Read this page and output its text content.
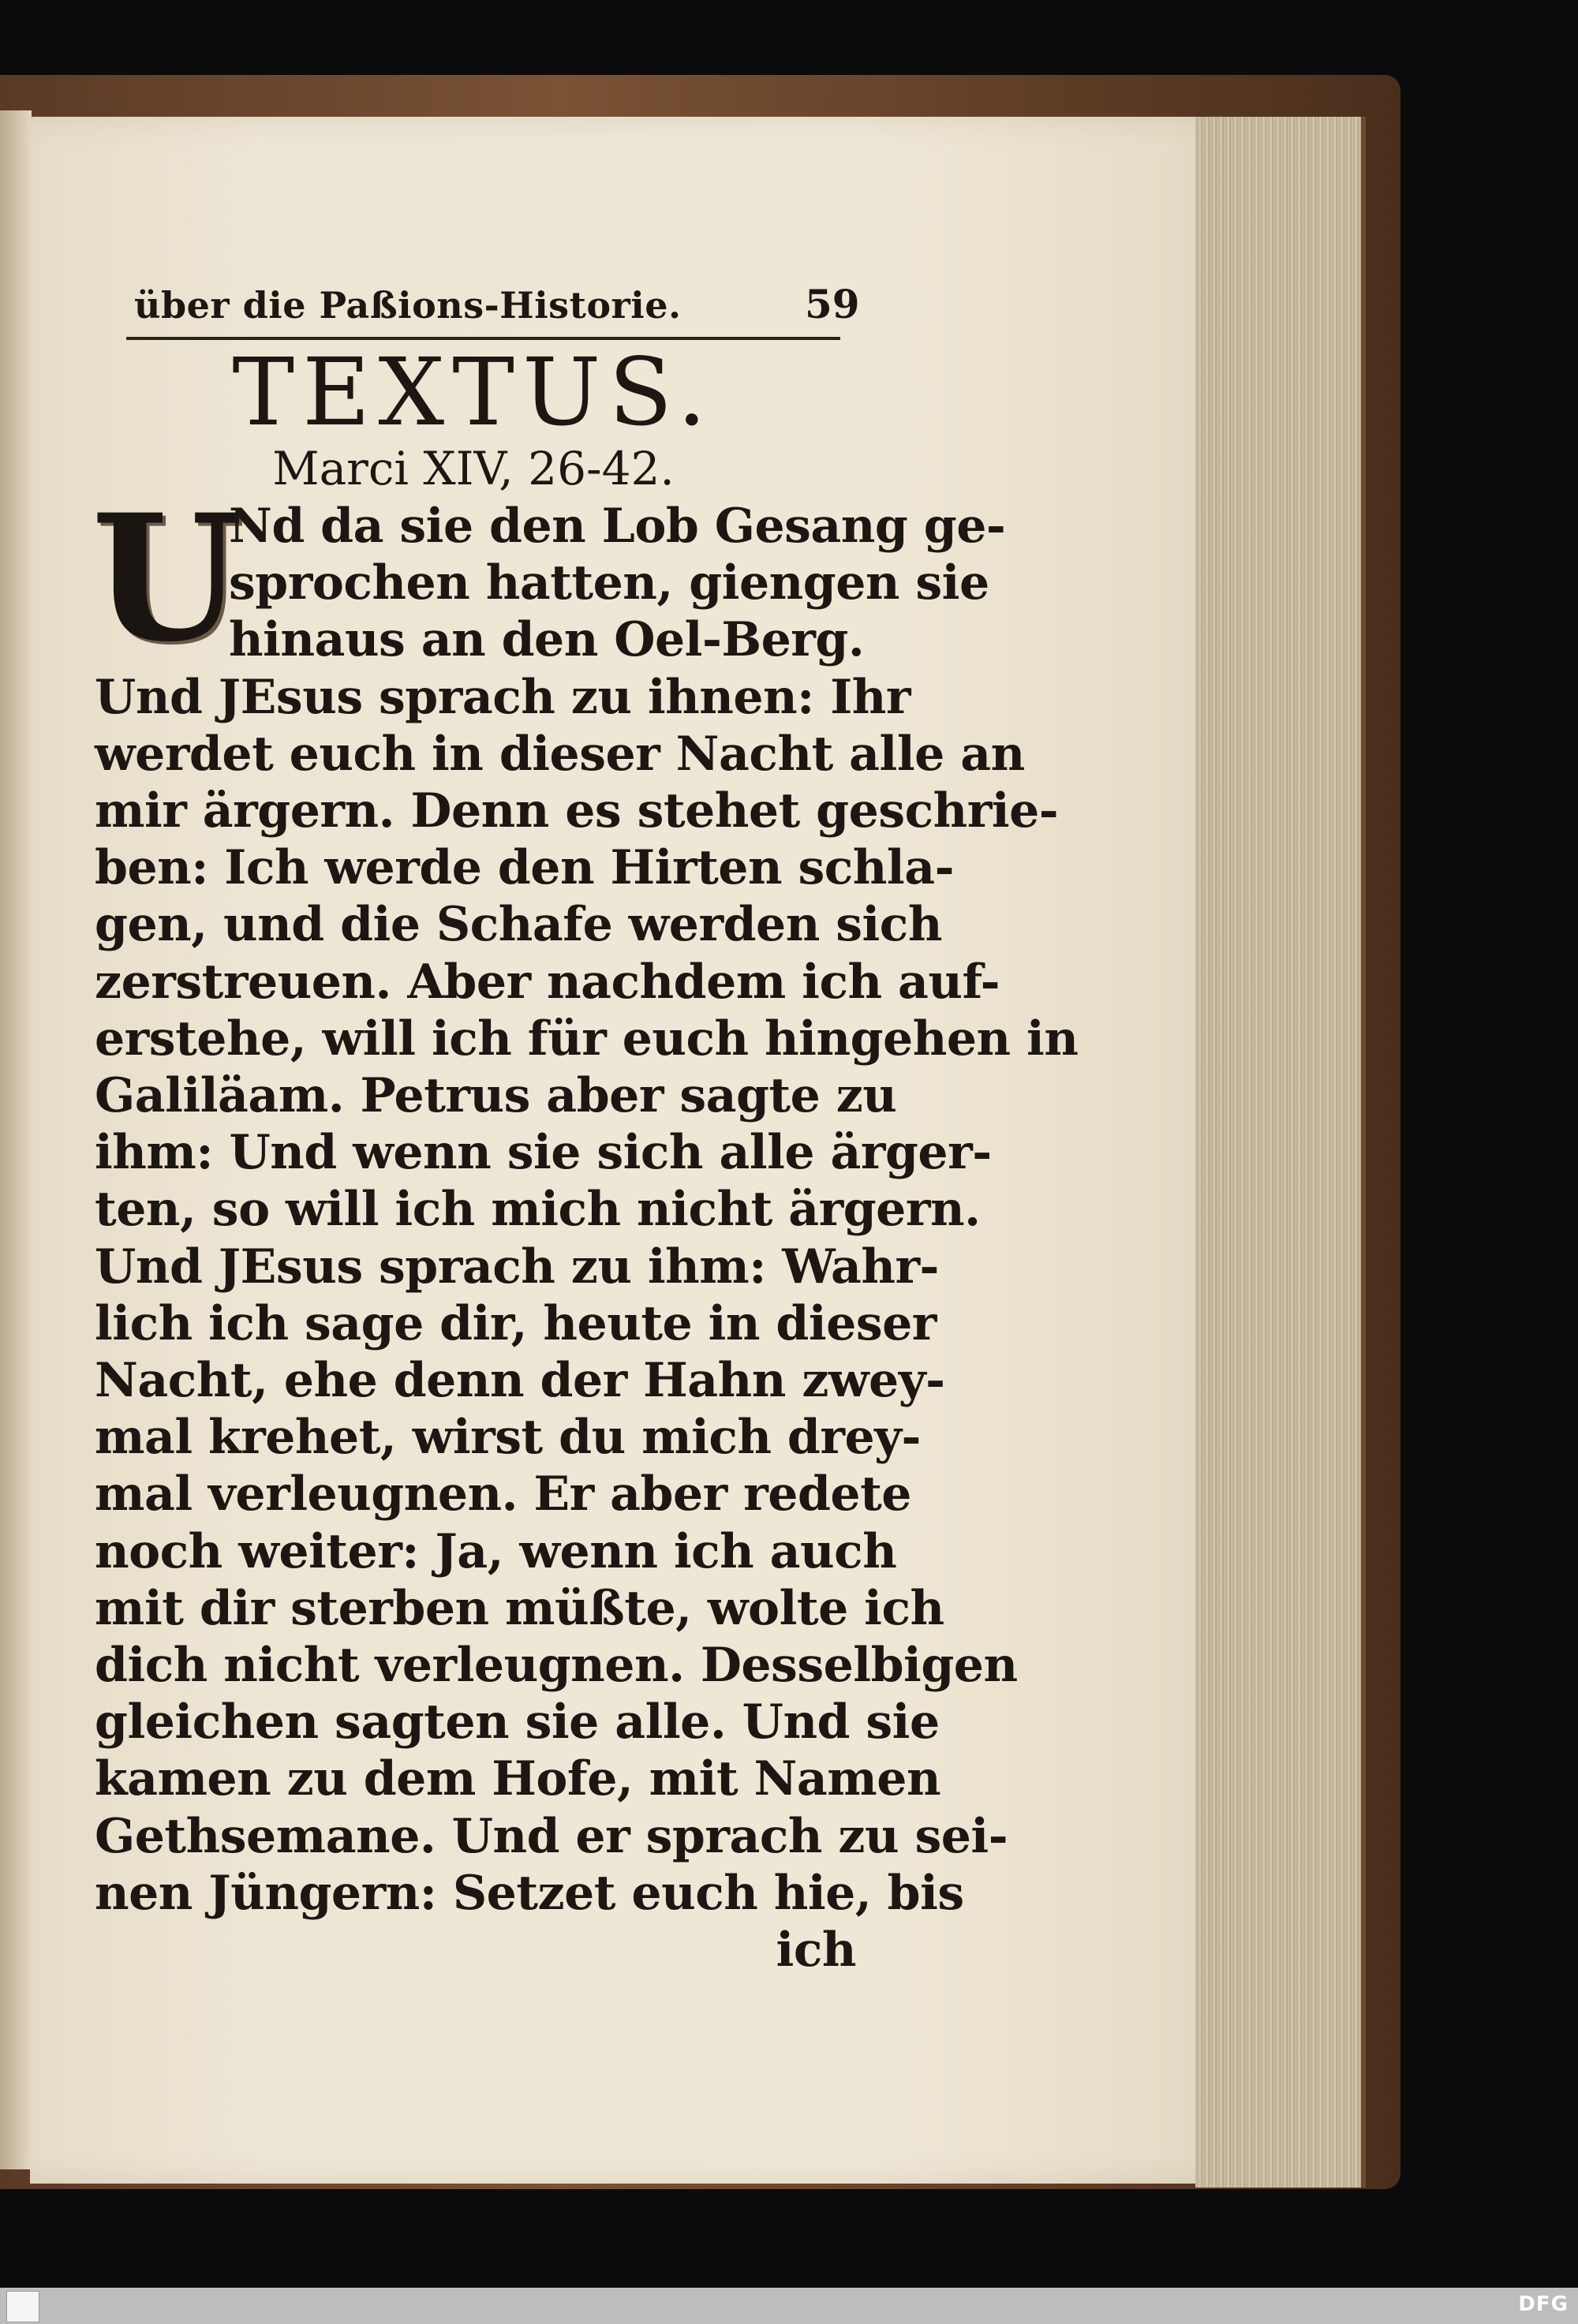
über die Paßions-Historie.	59
TEXTUS.
Marci XIV, 26-42.
U
Nd da sie den Lob Gesang ge-
sprochen hatten, giengen sie
hinaus an den Oel-Berg.
Und JEsus sprach zu ihnen: Ihr
werdet euch in dieser Nacht alle an
mir ärgern. Denn es stehet geschrie-
ben: Ich werde den Hirten schla-
gen, und die Schafe werden sich
zerstreuen. Aber nachdem ich auf-
erstehe, will ich für euch hingehen in
Galiläam. Petrus aber sagte zu
ihm: Und wenn sie sich alle ärger-
ten, so will ich mich nicht ärgern.
Und JEsus sprach zu ihm: Wahr-
lich ich sage dir, heute in dieser
Nacht, ehe denn der Hahn zwey-
mal krehet, wirst du mich drey-
mal verleugnen. Er aber redete
noch weiter: Ja, wenn ich auch
mit dir sterben müßte, wolte ich
dich nicht verleugnen. Desselbigen
gleichen sagten sie alle. Und sie
kamen zu dem Hofe, mit Namen
Gethsemane. Und er sprach zu sei-
nen Jüngern: Setzet euch hie, bis
ich
DFG
